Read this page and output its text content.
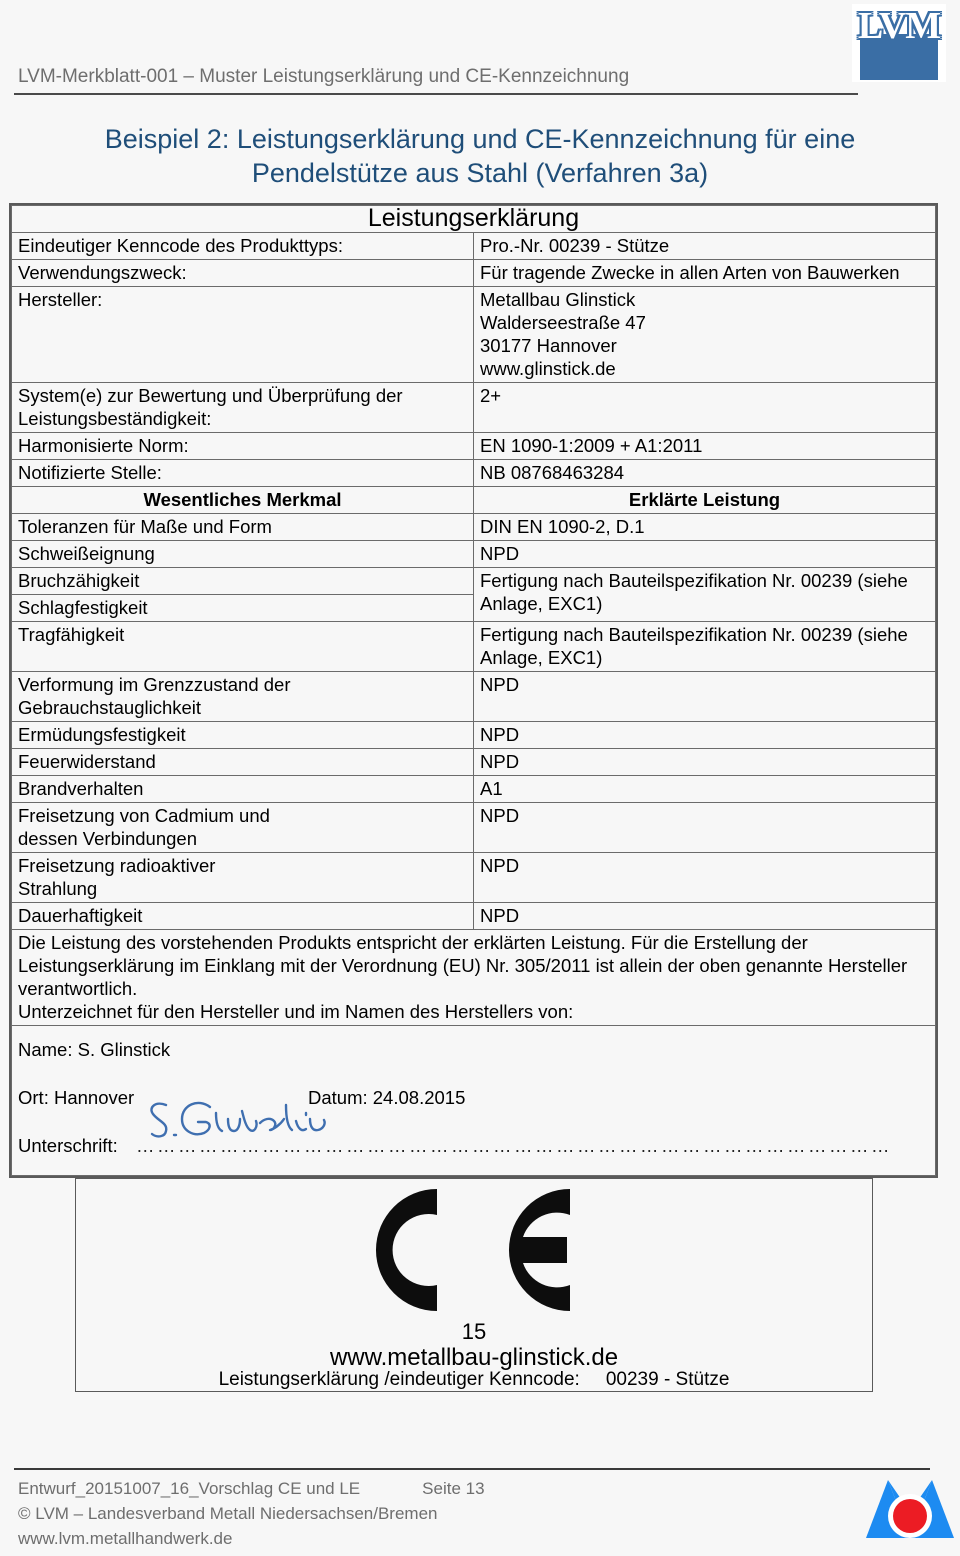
LVM
LVM-Merkblatt-001 – Muster Leistungserklärung und CE-Kennzeichnung
Beispiel 2: Leistungserklärung und CE-Kennzeichnung für eine
Pendelstütze aus Stahl (Verfahren 3a)
Leistungserklärung	
Eindeutiger Kenncode des Produkttyps:	Pro.-Nr. 00239 - Stütze
Verwendungszweck:	Für tragende Zwecke in allen Arten von Bauwerken
Hersteller:	Metallbau Glinstick
Walderseestraße 47
30177 Hannover
www.glinstick.de
System(e) zur Bewertung und Überprüfung der
Leistungsbeständigkeit:	2+
Harmonisierte Norm:	EN 1090-1:2009 + A1:2011
Notifizierte Stelle:	NB 08768463284
Wesentliches Merkmal	Erklärte Leistung
Toleranzen für Maße und Form	DIN EN 1090-2, D.1
Schweißeignung	NPD
Bruchzähigkeit	Fertigung nach Bauteilspezifikation Nr. 00239 (siehe
Anlage, EXC1)
Schlagfestigkeit	
Tragfähigkeit	Fertigung nach Bauteilspezifikation Nr. 00239 (siehe
Anlage, EXC1)
Verformung im Grenzzustand der
Gebrauchstauglichkeit	NPD
Ermüdungsfestigkeit	NPD
Feuerwiderstand	NPD
Brandverhalten	A1
Freisetzung von Cadmium und
dessen Verbindungen	NPD
Freisetzung radioaktiver
Strahlung	NPD
Dauerhaftigkeit	NPD
Die Leistung des vorstehenden Produkts entspricht der erklärten Leistung. Für die Erstellung der Leistungserklärung im Einklang mit der Verordnung (EU) Nr. 305/2011 ist allein der oben genannte Hersteller verantwortlich.
Unterzeichnet für den Hersteller und im Namen des Herstellers von:	

Name: S. Glinstick
Ort: Hannover Datum: 24.08.2015
Unterschrift: ………………………………………………………………………………………………	
15
www.metallbau-glinstick.de
Leistungserklärung /eindeutiger Kenncode: 00239 - Stütze
Entwurf_20151007_16_Vorschlag CE und LE	Seite 13
© LVM – Landesverband Metall Niedersachsen/Bremen
www.lvm.metallhandwerk.de
